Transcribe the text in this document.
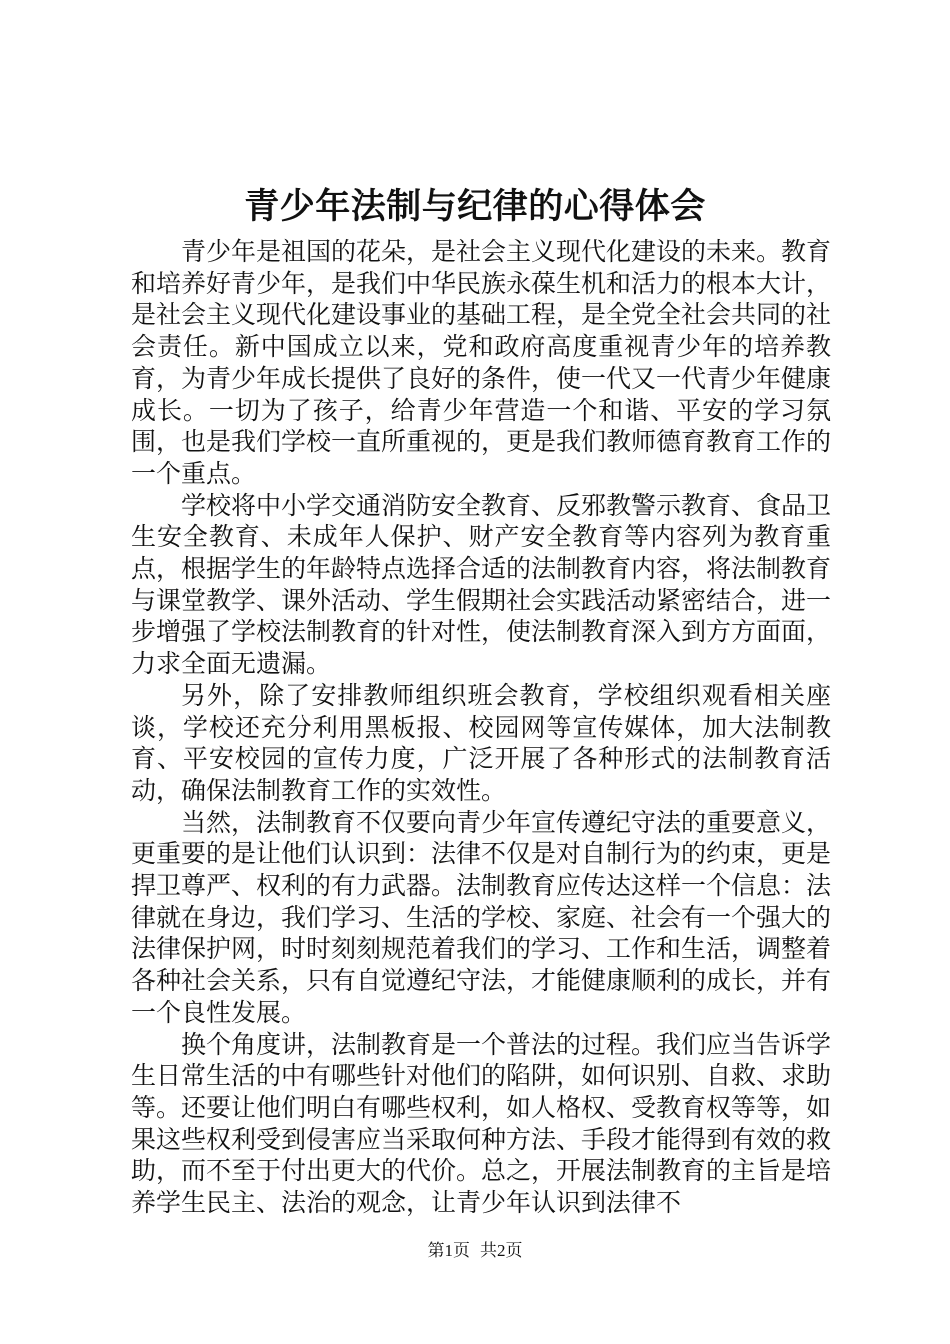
青少年法制与纪律的心得体会

青少年是祖国的花朵，是社会主义现代化建设的未来。教育和培养好青少年，是我们中华民族永葆生机和活力的根本大计，是社会主义现代化建设事业的基础工程，是全党全社会共同的社会责任。新中国成立以来，党和政府高度重视青少年的培养教育，为青少年成长提供了良好的条件，使一代又一代青少年健康成长。一切为了孩子，给青少年营造一个和谐、平安的学习氛围，也是我们学校一直所重视的，更是我们教师德育教育工作的一个重点。

学校将中小学交通消防安全教育、反邪教警示教育、食品卫生安全教育、未成年人保护、财产安全教育等内容列为教育重点，根据学生的年龄特点选择合适的法制教育内容，将法制教育与课堂教学、课外活动、学生假期社会实践活动紧密结合，进一步增强了学校法制教育的针对性，使法制教育深入到方方面面，力求全面无遗漏。

另外，除了安排教师组织班会教育，学校组织观看相关座谈，学校还充分利用黑板报、校园网等宣传媒体，加大法制教育、平安校园的宣传力度，广泛开展了各种形式的法制教育活动，确保法制教育工作的实效性。

当然，法制教育不仅要向青少年宣传遵纪守法的重要意义，更重要的是让他们认识到：法律不仅是对自制行为的约束，更是捍卫尊严、权利的有力武器。法制教育应传达这样一个信息：法律就在身边，我们学习、生活的学校、家庭、社会有一个强大的法律保护网，时时刻刻规范着我们的学习、工作和生活，调整着各种社会关系，只有自觉遵纪守法，才能健康顺利的成长，并有一个良性发展。

换个角度讲，法制教育是一个普法的过程。我们应当告诉学生日常生活的中有哪些针对他们的陷阱，如何识别、自救、求助等。还要让他们明白有哪些权利，如人格权、受教育权等等，如果这些权利受到侵害应当采取何种方法、手段才能得到有效的救助，而不至于付出更大的代价。总之，开展法制教育的主旨是培养学生民主、法治的观念，让青少年认识到法律不

第1页 共2页
